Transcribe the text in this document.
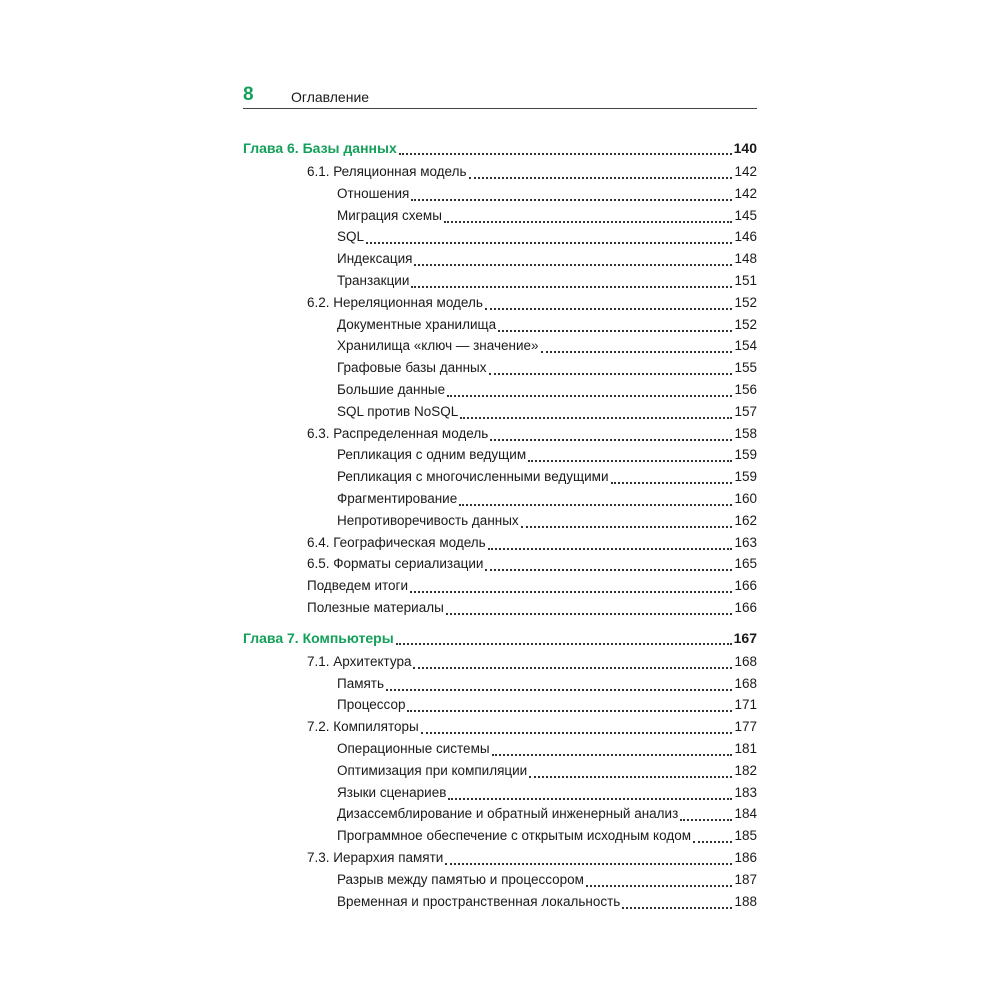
8	Оглавление
Глава 6. Базы данных	140
6.1. Реляционная модель	142
Отношения	142
Миграция схемы	145
SQL	146
Индексация	148
Транзакции	151
6.2. Нереляционная модель	152
Документные хранилища	152
Хранилища «ключ — значение»	154
Графовые базы данных	155
Большие данные	156
SQL против NoSQL	157
6.3. Распределенная модель	158
Репликация с одним ведущим	159
Репликация с многочисленными ведущими	159
Фрагментирование	160
Непротиворечивость данных	162
6.4. Географическая модель	163
6.5. Форматы сериализации	165
Подведем итоги	166
Полезные материалы	166
Глава 7. Компьютеры	167
7.1. Архитектура	168
Память	168
Процессор	171
7.2. Компиляторы	177
Операционные системы	181
Оптимизация при компиляции	182
Языки сценариев	183
Дизассемблирование и обратный инженерный анализ	184
Программное обеспечение с открытым исходным кодом	185
7.3. Иерархия памяти	186
Разрыв между памятью и процессором	187
Временная и пространственная локальность	188
